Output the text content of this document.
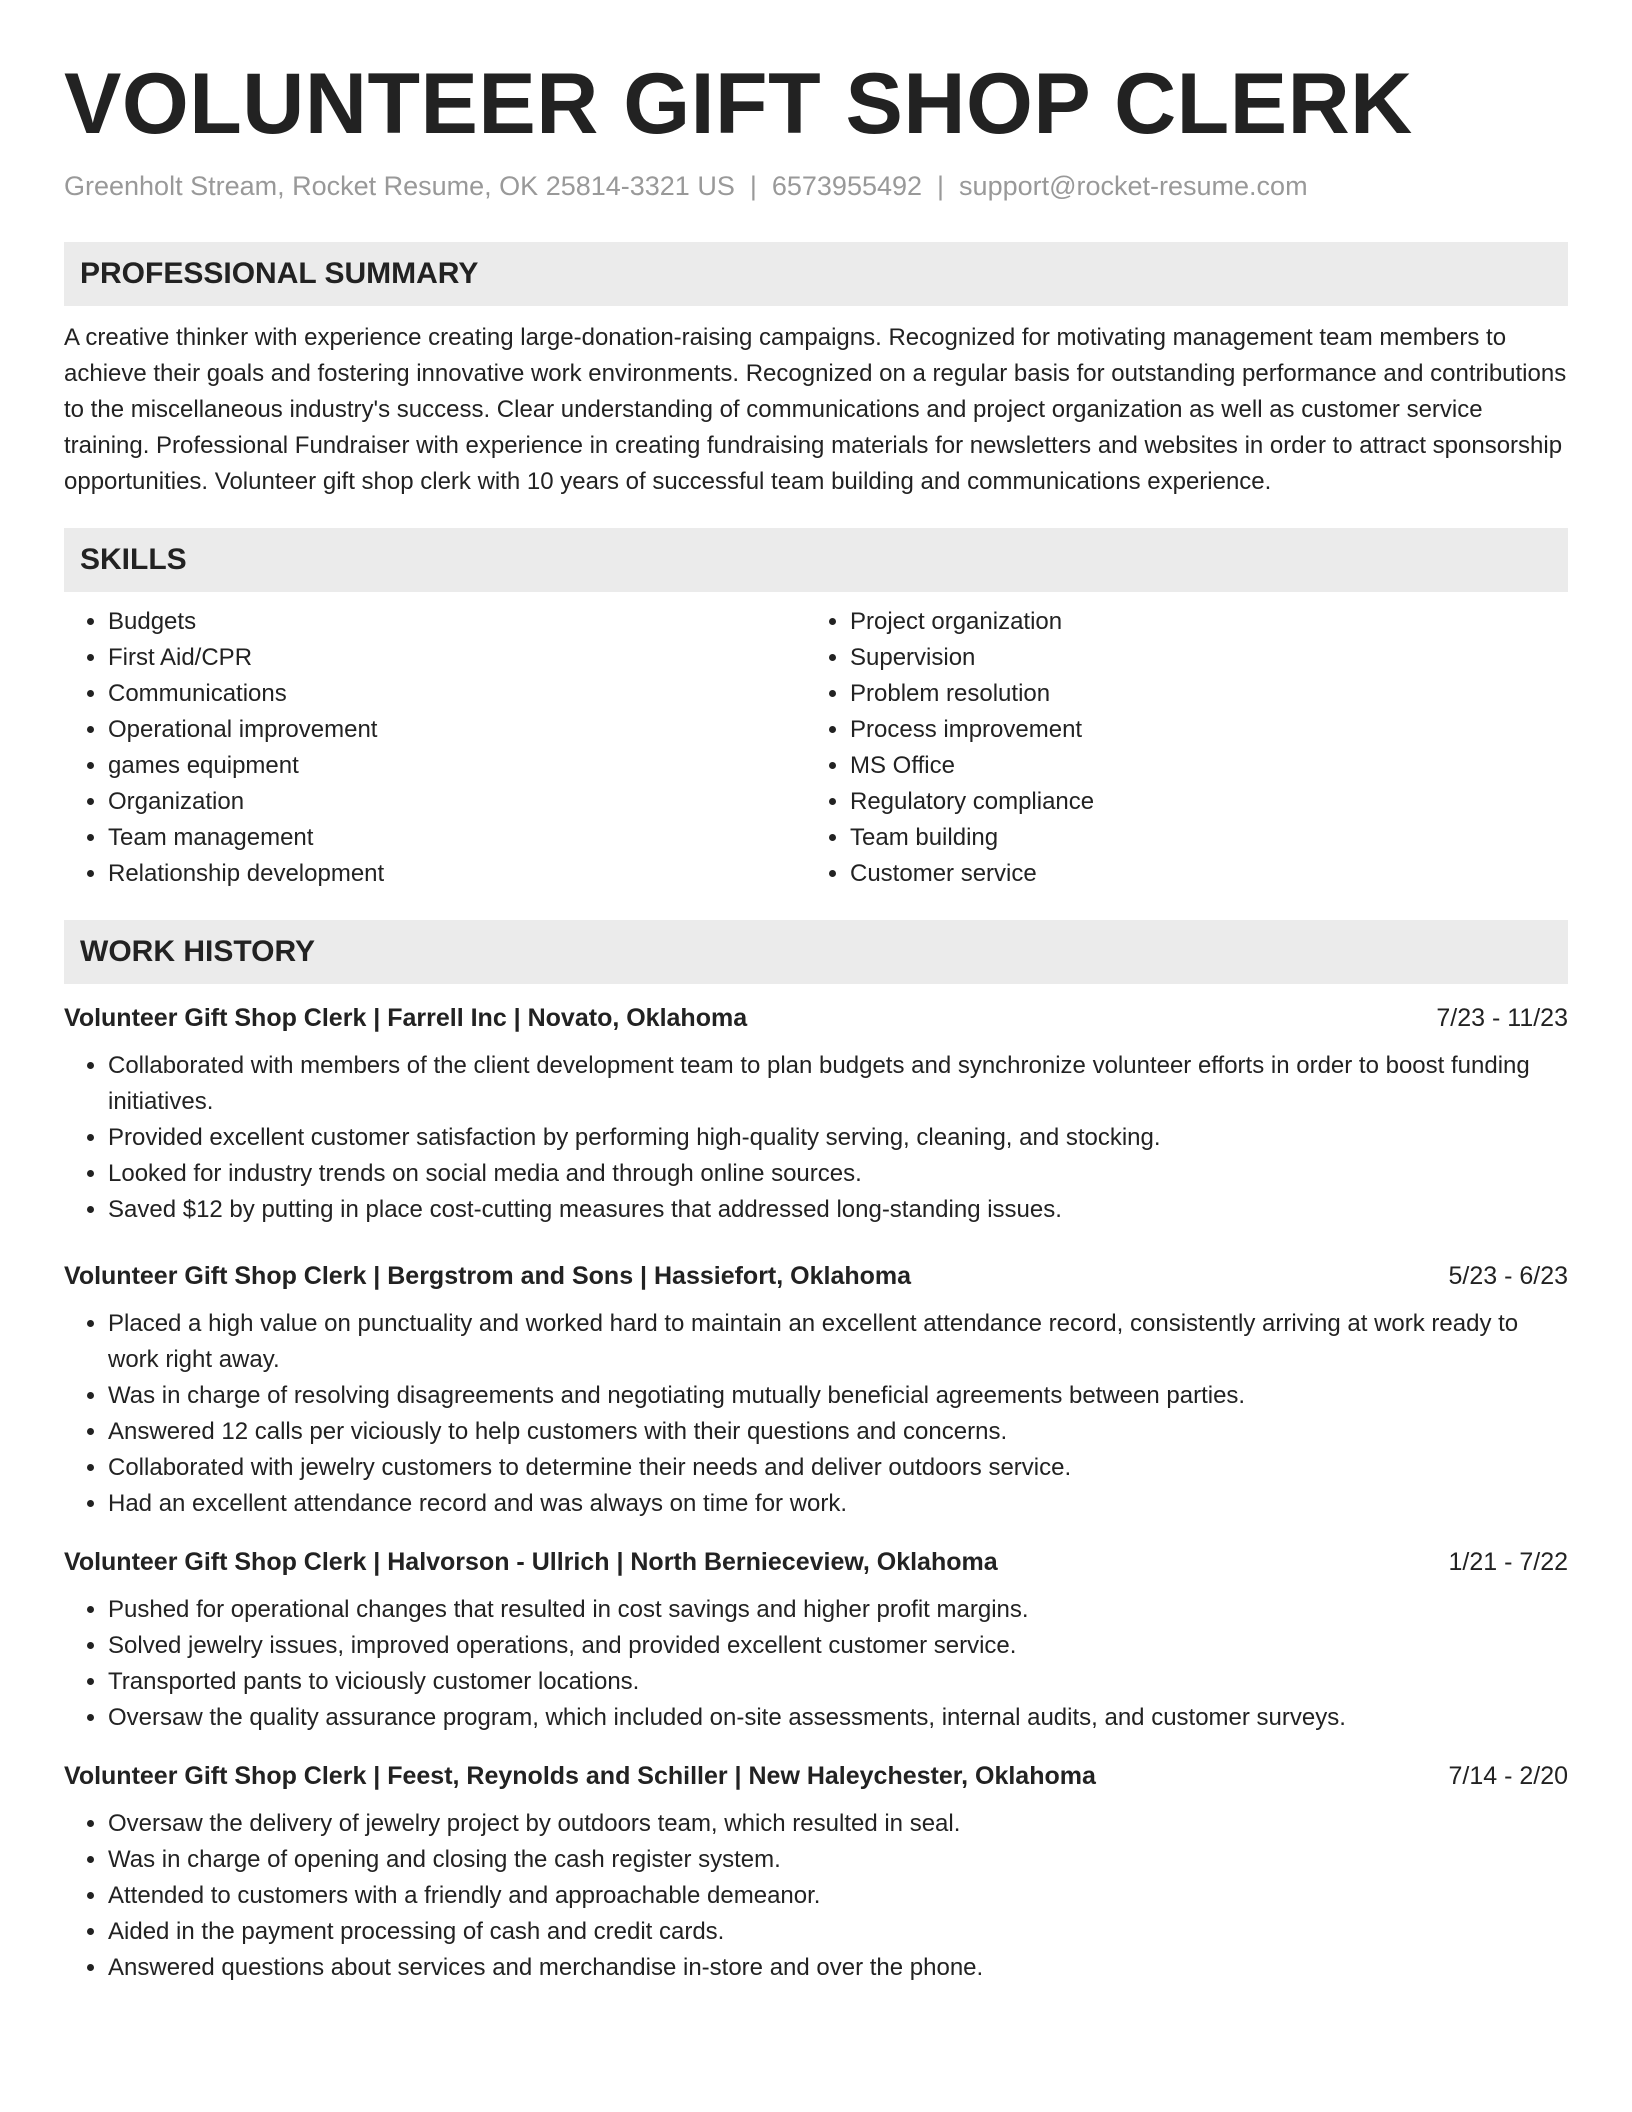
VOLUNTEER GIFT SHOP CLERK
Greenholt Stream, Rocket Resume, OK 25814-3321 US | 6573955492 | support@rocket-resume.com
PROFESSIONAL SUMMARY
A creative thinker with experience creating large-donation-raising campaigns. Recognized for motivating management team members to achieve their goals and fostering innovative work environments. Recognized on a regular basis for outstanding performance and contributions to the miscellaneous industry's success. Clear understanding of communications and project organization as well as customer service training. Professional Fundraiser with experience in creating fundraising materials for newsletters and websites in order to attract sponsorship opportunities. Volunteer gift shop clerk with 10 years of successful team building and communications experience.
SKILLS
• Budgets
• First Aid/CPR
• Communications
• Operational improvement
• games equipment
• Organization
• Team management
• Relationship development
• Project organization
• Supervision
• Problem resolution
• Process improvement
• MS Office
• Regulatory compliance
• Team building
• Customer service
WORK HISTORY
Volunteer Gift Shop Clerk | Farrell Inc | Novato, Oklahoma	7/23 - 11/23
• Collaborated with members of the client development team to plan budgets and synchronize volunteer efforts in order to boost funding initiatives.
• Provided excellent customer satisfaction by performing high-quality serving, cleaning, and stocking.
• Looked for industry trends on social media and through online sources.
• Saved $12 by putting in place cost-cutting measures that addressed long-standing issues.
Volunteer Gift Shop Clerk | Bergstrom and Sons | Hassiefort, Oklahoma	5/23 - 6/23
• Placed a high value on punctuality and worked hard to maintain an excellent attendance record, consistently arriving at work ready to work right away.
• Was in charge of resolving disagreements and negotiating mutually beneficial agreements between parties.
• Answered 12 calls per viciously to help customers with their questions and concerns.
• Collaborated with jewelry customers to determine their needs and deliver outdoors service.
• Had an excellent attendance record and was always on time for work.
Volunteer Gift Shop Clerk | Halvorson - Ullrich | North Bernieceview, Oklahoma	1/21 - 7/22
• Pushed for operational changes that resulted in cost savings and higher profit margins.
• Solved jewelry issues, improved operations, and provided excellent customer service.
• Transported pants to viciously customer locations.
• Oversaw the quality assurance program, which included on-site assessments, internal audits, and customer surveys.
Volunteer Gift Shop Clerk | Feest, Reynolds and Schiller | New Haleychester, Oklahoma	7/14 - 2/20
• Oversaw the delivery of jewelry project by outdoors team, which resulted in seal.
• Was in charge of opening and closing the cash register system.
• Attended to customers with a friendly and approachable demeanor.
• Aided in the payment processing of cash and credit cards.
• Answered questions about services and merchandise in-store and over the phone.
